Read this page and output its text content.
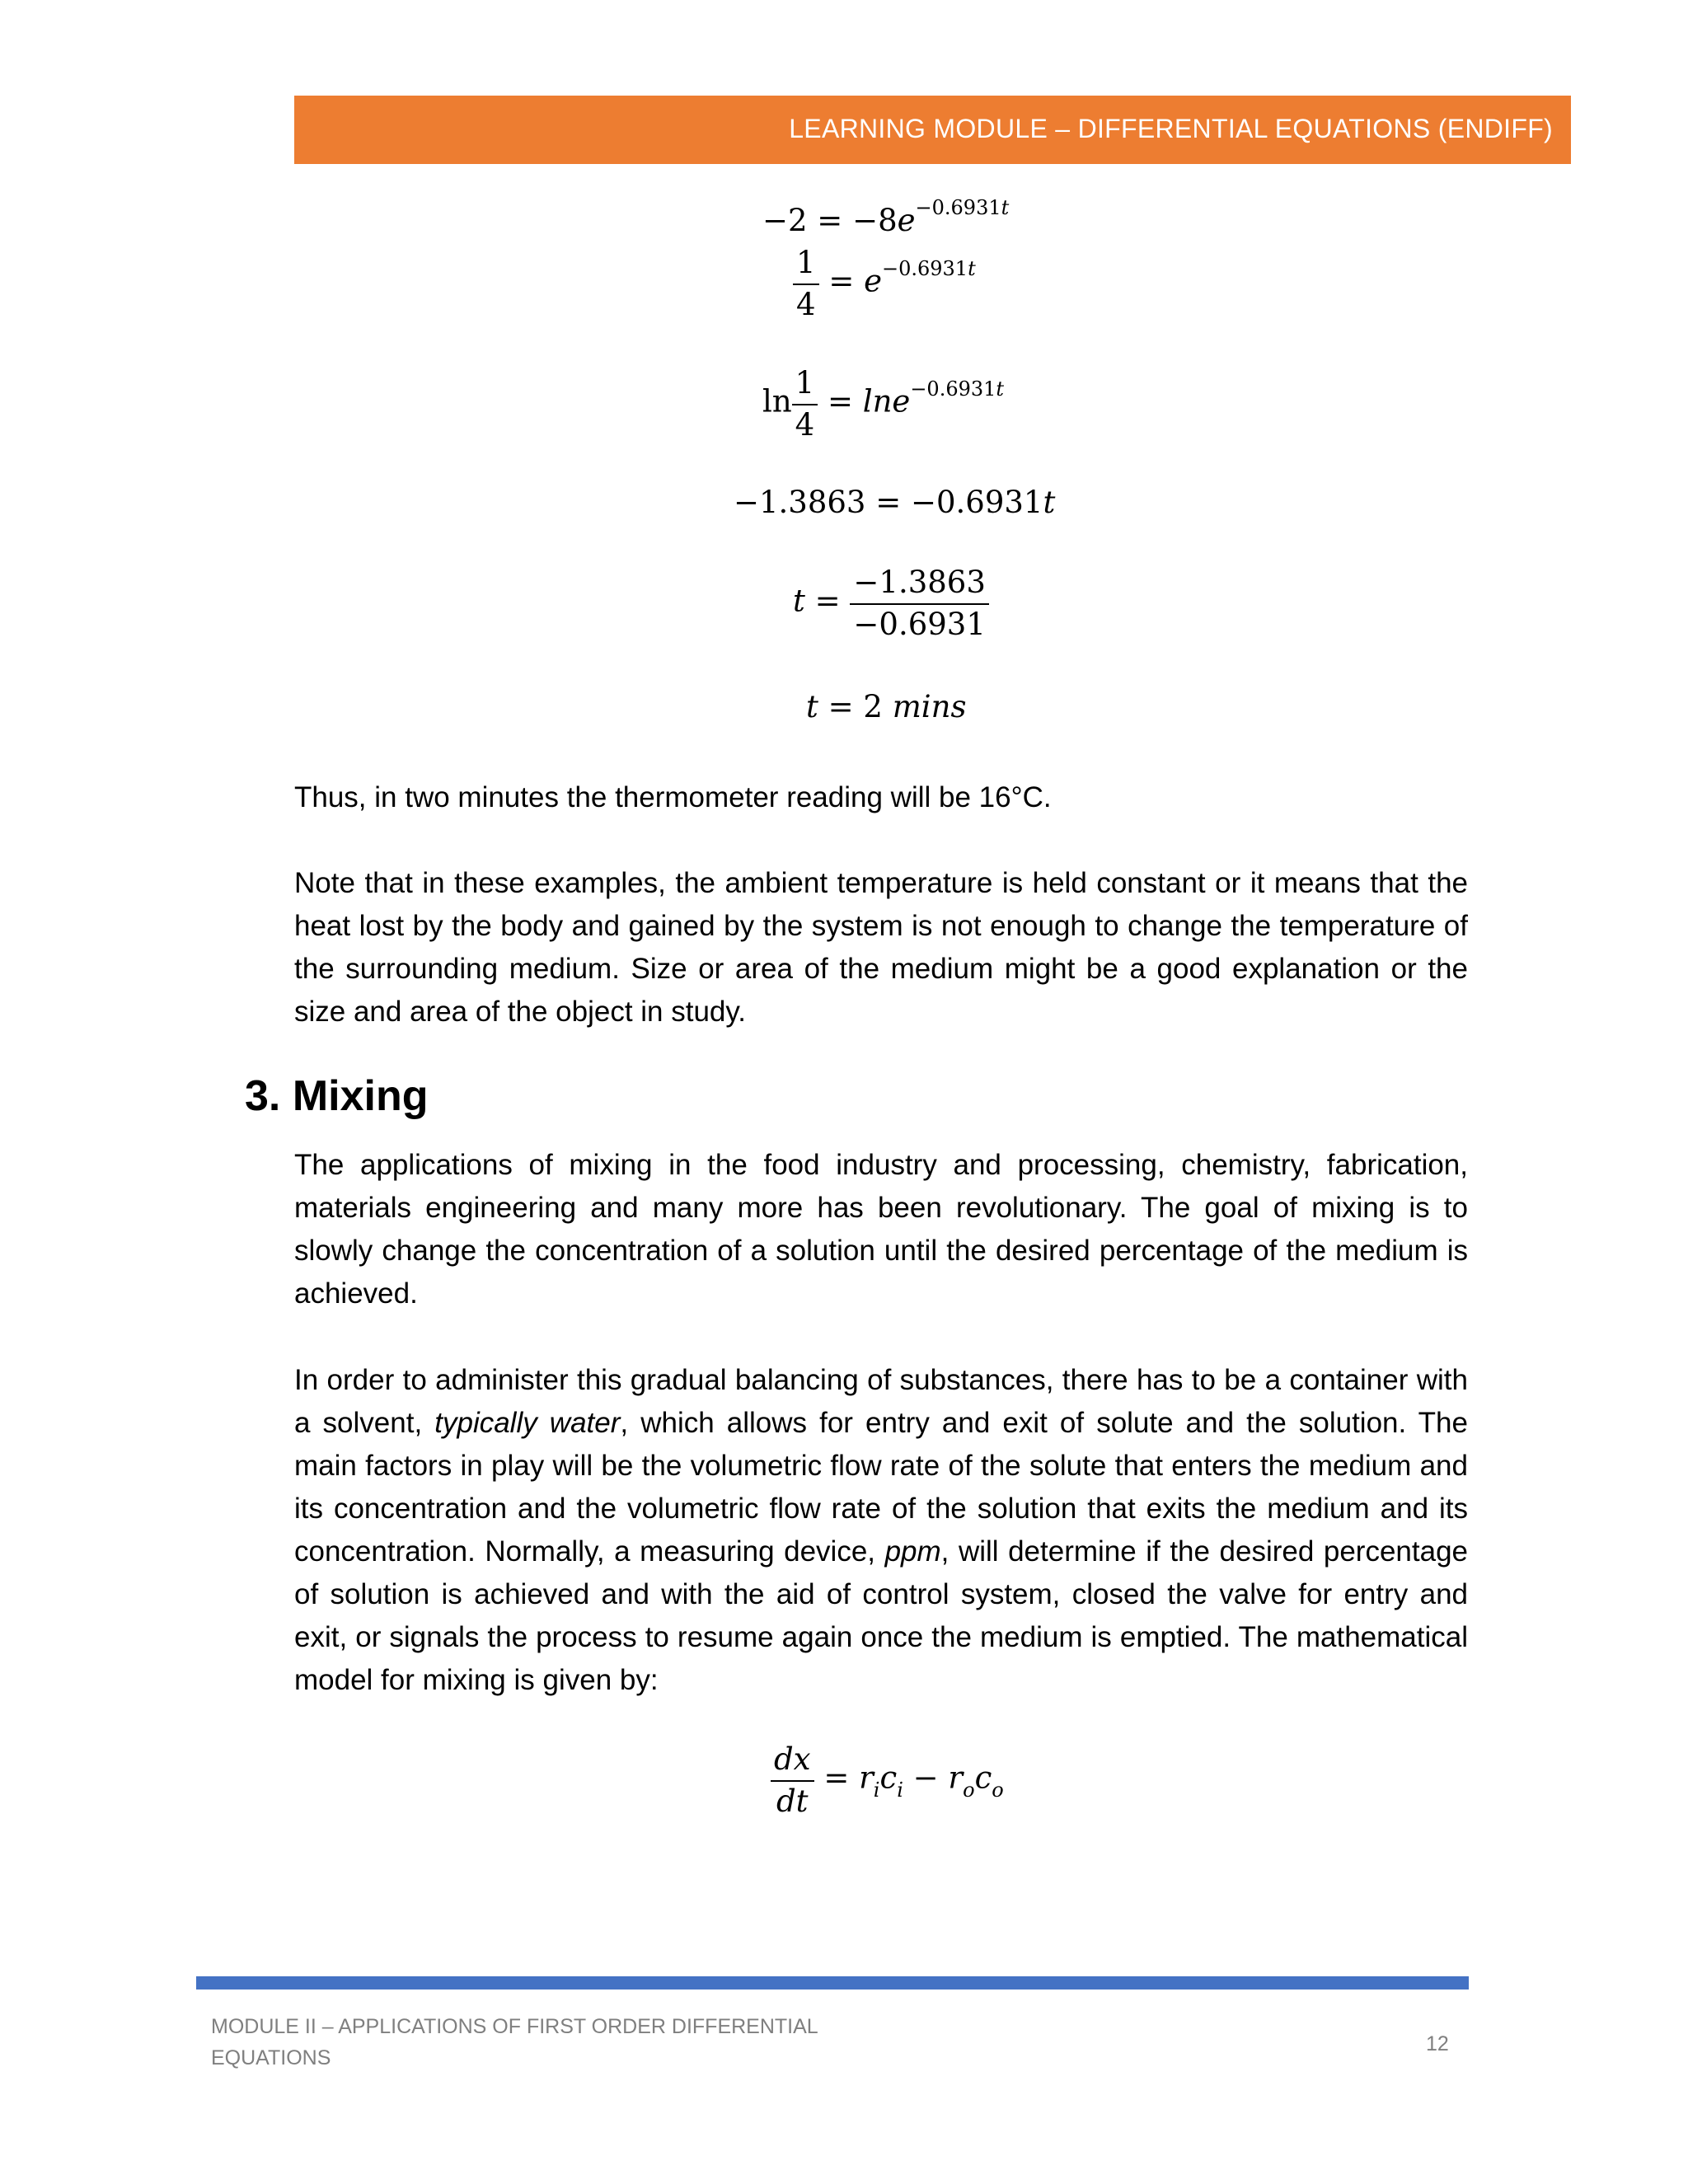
LEARNING MODULE – DIFFERENTIAL EQUATIONS (ENDIFF)
$-2 = -8e^{-0.6931t}$
$\frac{1}{4} = e^{-0.6931t}$
$\ln \frac{1}{4} = \ln e^{-0.6931t}$
−1.3863 = −0.6931t
$t = \frac{-1.3863}{-0.6931}$
t = 2 mins
Thus, in two minutes the thermometer reading will be 16°C.
Note that in these examples, the ambient temperature is held constant or it means that the heat lost by the body and gained by the system is not enough to change the temperature of the surrounding medium. Size or area of the medium might be a good explanation or the size and area of the object in study.
3. Mixing
The applications of mixing in the food industry and processing, chemistry, fabrication, materials engineering and many more has been revolutionary. The goal of mixing is to slowly change the concentration of a solution until the desired percentage of the medium is achieved.
In order to administer this gradual balancing of substances, there has to be a container with a solvent, typically water, which allows for entry and exit of solute and the solution. The main factors in play will be the volumetric flow rate of the solute that enters the medium and its concentration and the volumetric flow rate of the solution that exits the medium and its concentration. Normally, a measuring device, ppm, will determine if the desired percentage of solution is achieved and with the aid of control system, closed the valve for entry and exit, or signals the process to resume again once the medium is emptied. The mathematical model for mixing is given by:
$\frac{dx}{dt} = r_ic_i - r_oc_o$
MODULE II – APPLICATIONS OF FIRST ORDER DIFFERENTIAL EQUATIONS
12
